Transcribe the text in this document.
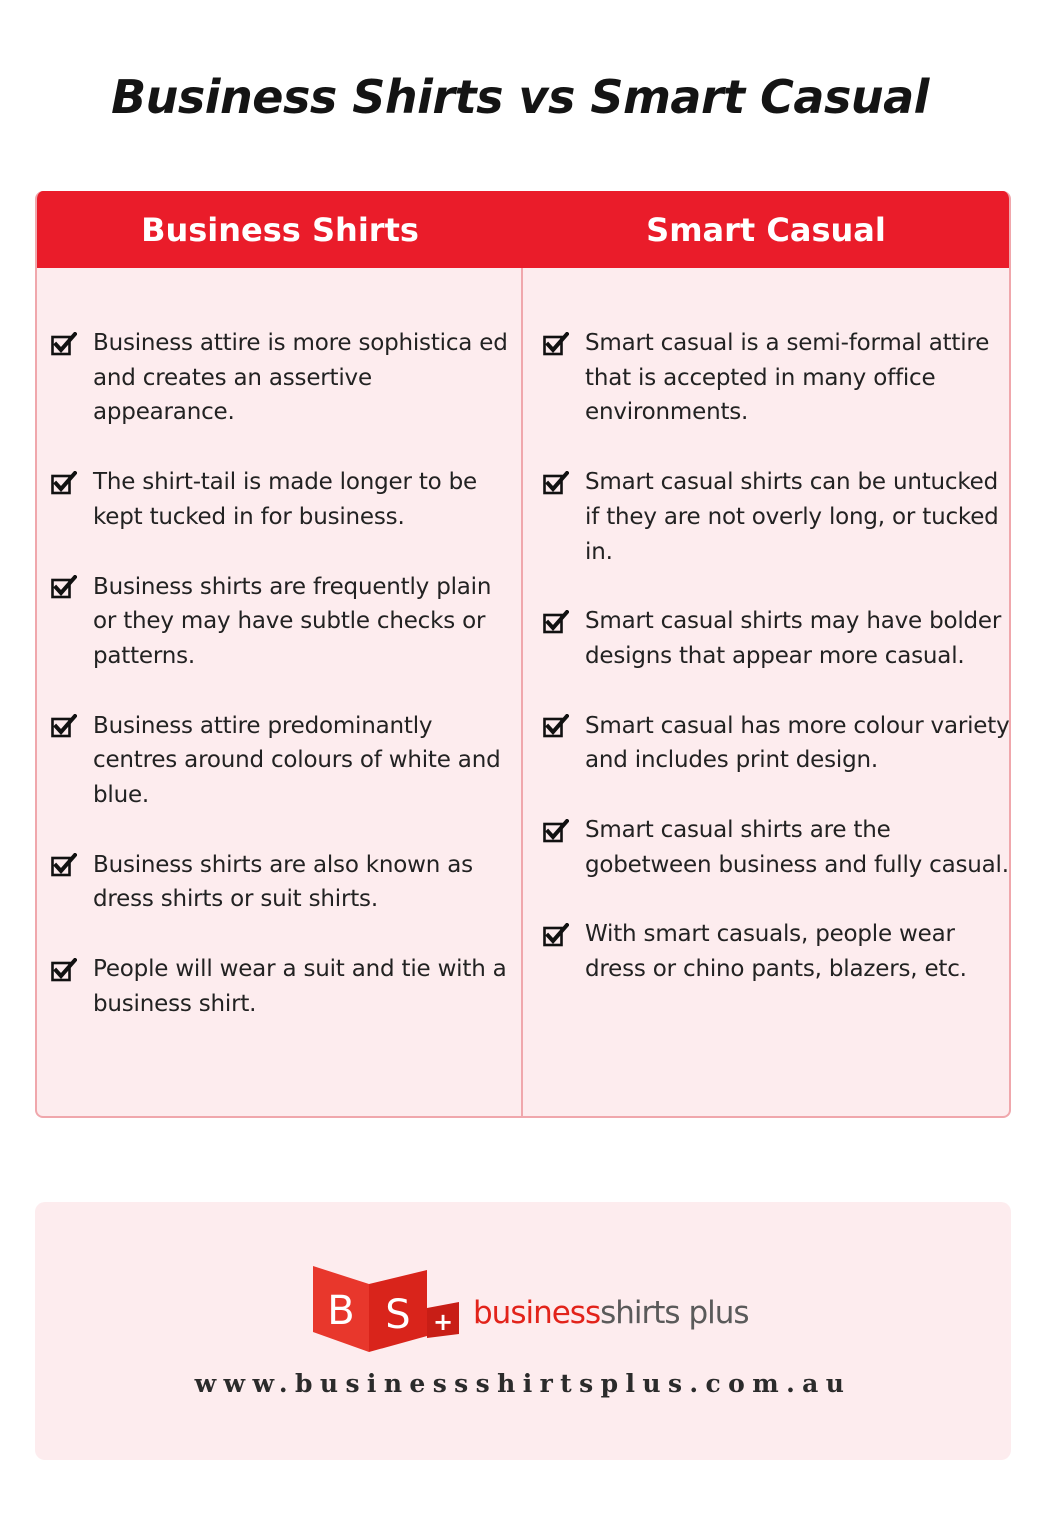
Business Shirts vs Smart Casual
Business Shirts	Smart Casual
Business attire is more sophistica ed and creates an assertive appearance.
The shirt-tail is made longer to be kept tucked in for business.
Business shirts are frequently plain or they may have subtle checks or patterns.
Business attire predominantly centres around colours of white and blue.
Business shirts are also known as dress shirts or suit shirts.
People will wear a suit and tie with a business shirt.
Smart casual is a semi-formal attire that is accepted in many office environments.
Smart casual shirts can be untucked if they are not overly long, or tucked in.
Smart casual shirts may have bolder designs that appear more casual.
Smart casual has more colour variety and includes print design.
Smart casual shirts are the gobetween business and fully casual.
With smart casuals, people wear dress or chino pants, blazers, etc.
B S + businessshirts plus
www.businessshirtsplus.com.au
